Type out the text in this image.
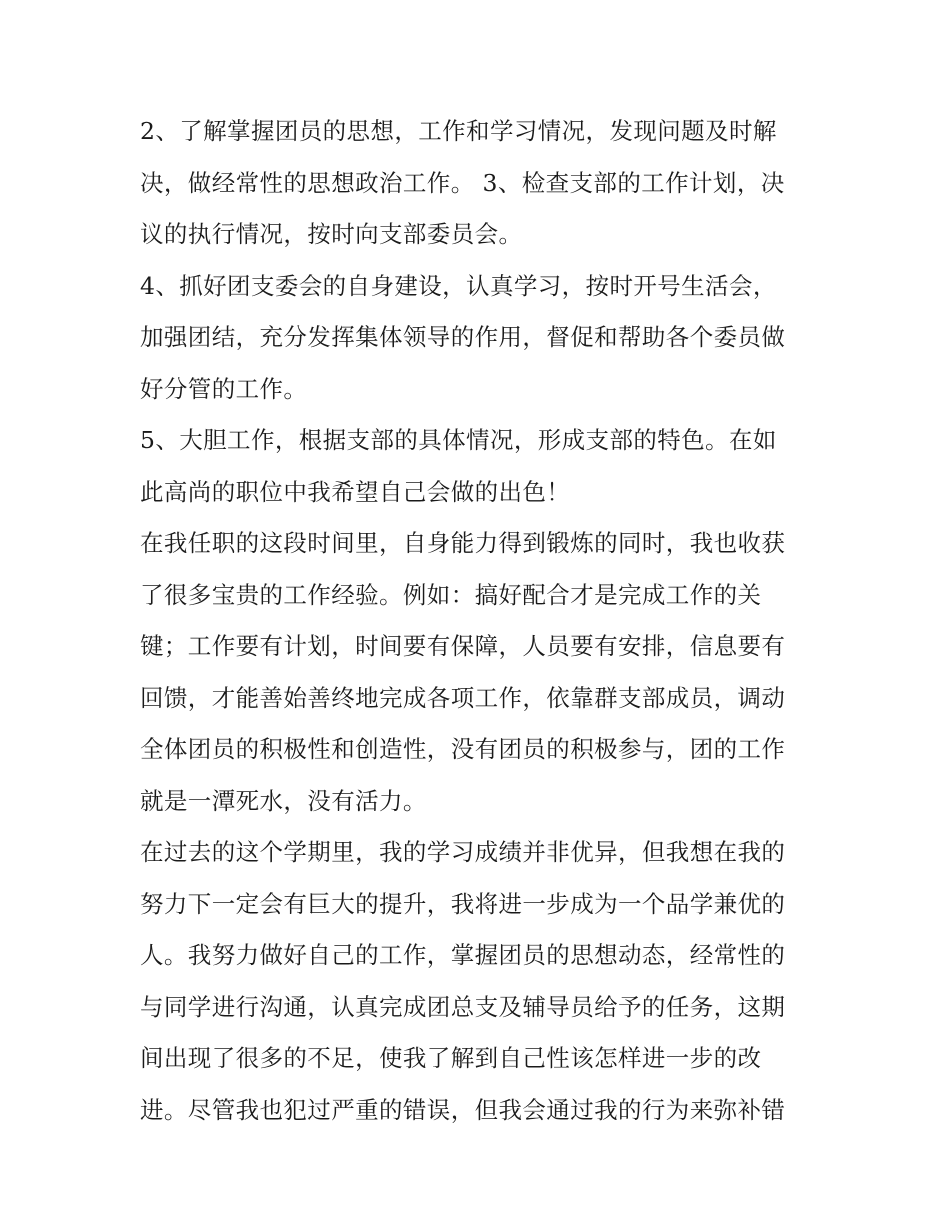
2、了解掌握团员的思想，工作和学习情况，发现问题及时解
决，做经常性的思想政治工作。 3、检查支部的工作计划，决
议的执行情况，按时向支部委员会。
4、抓好团支委会的自身建设，认真学习，按时开号生活会，
加强团结，充分发挥集体领导的作用，督促和帮助各个委员做
好分管的工作。
5、大胆工作，根据支部的具体情况，形成支部的特色。在如
此高尚的职位中我希望自己会做的出色！
在我任职的这段时间里，自身能力得到锻炼的同时，我也收获
了很多宝贵的工作经验。例如：搞好配合才是完成工作的关
键；工作要有计划，时间要有保障，人员要有安排，信息要有
回馈，才能善始善终地完成各项工作，依靠群支部成员，调动
全体团员的积极性和创造性，没有团员的积极参与，团的工作
就是一潭死水，没有活力。
在过去的这个学期里，我的学习成绩并非优异，但我想在我的
努力下一定会有巨大的提升，我将进一步成为一个品学兼优的
人。我努力做好自己的工作，掌握团员的思想动态，经常性的
与同学进行沟通，认真完成团总支及辅导员给予的任务，这期
间出现了很多的不足，使我了解到自己性该怎样进一步的改
进。尽管我也犯过严重的错误，但我会通过我的行为来弥补错
